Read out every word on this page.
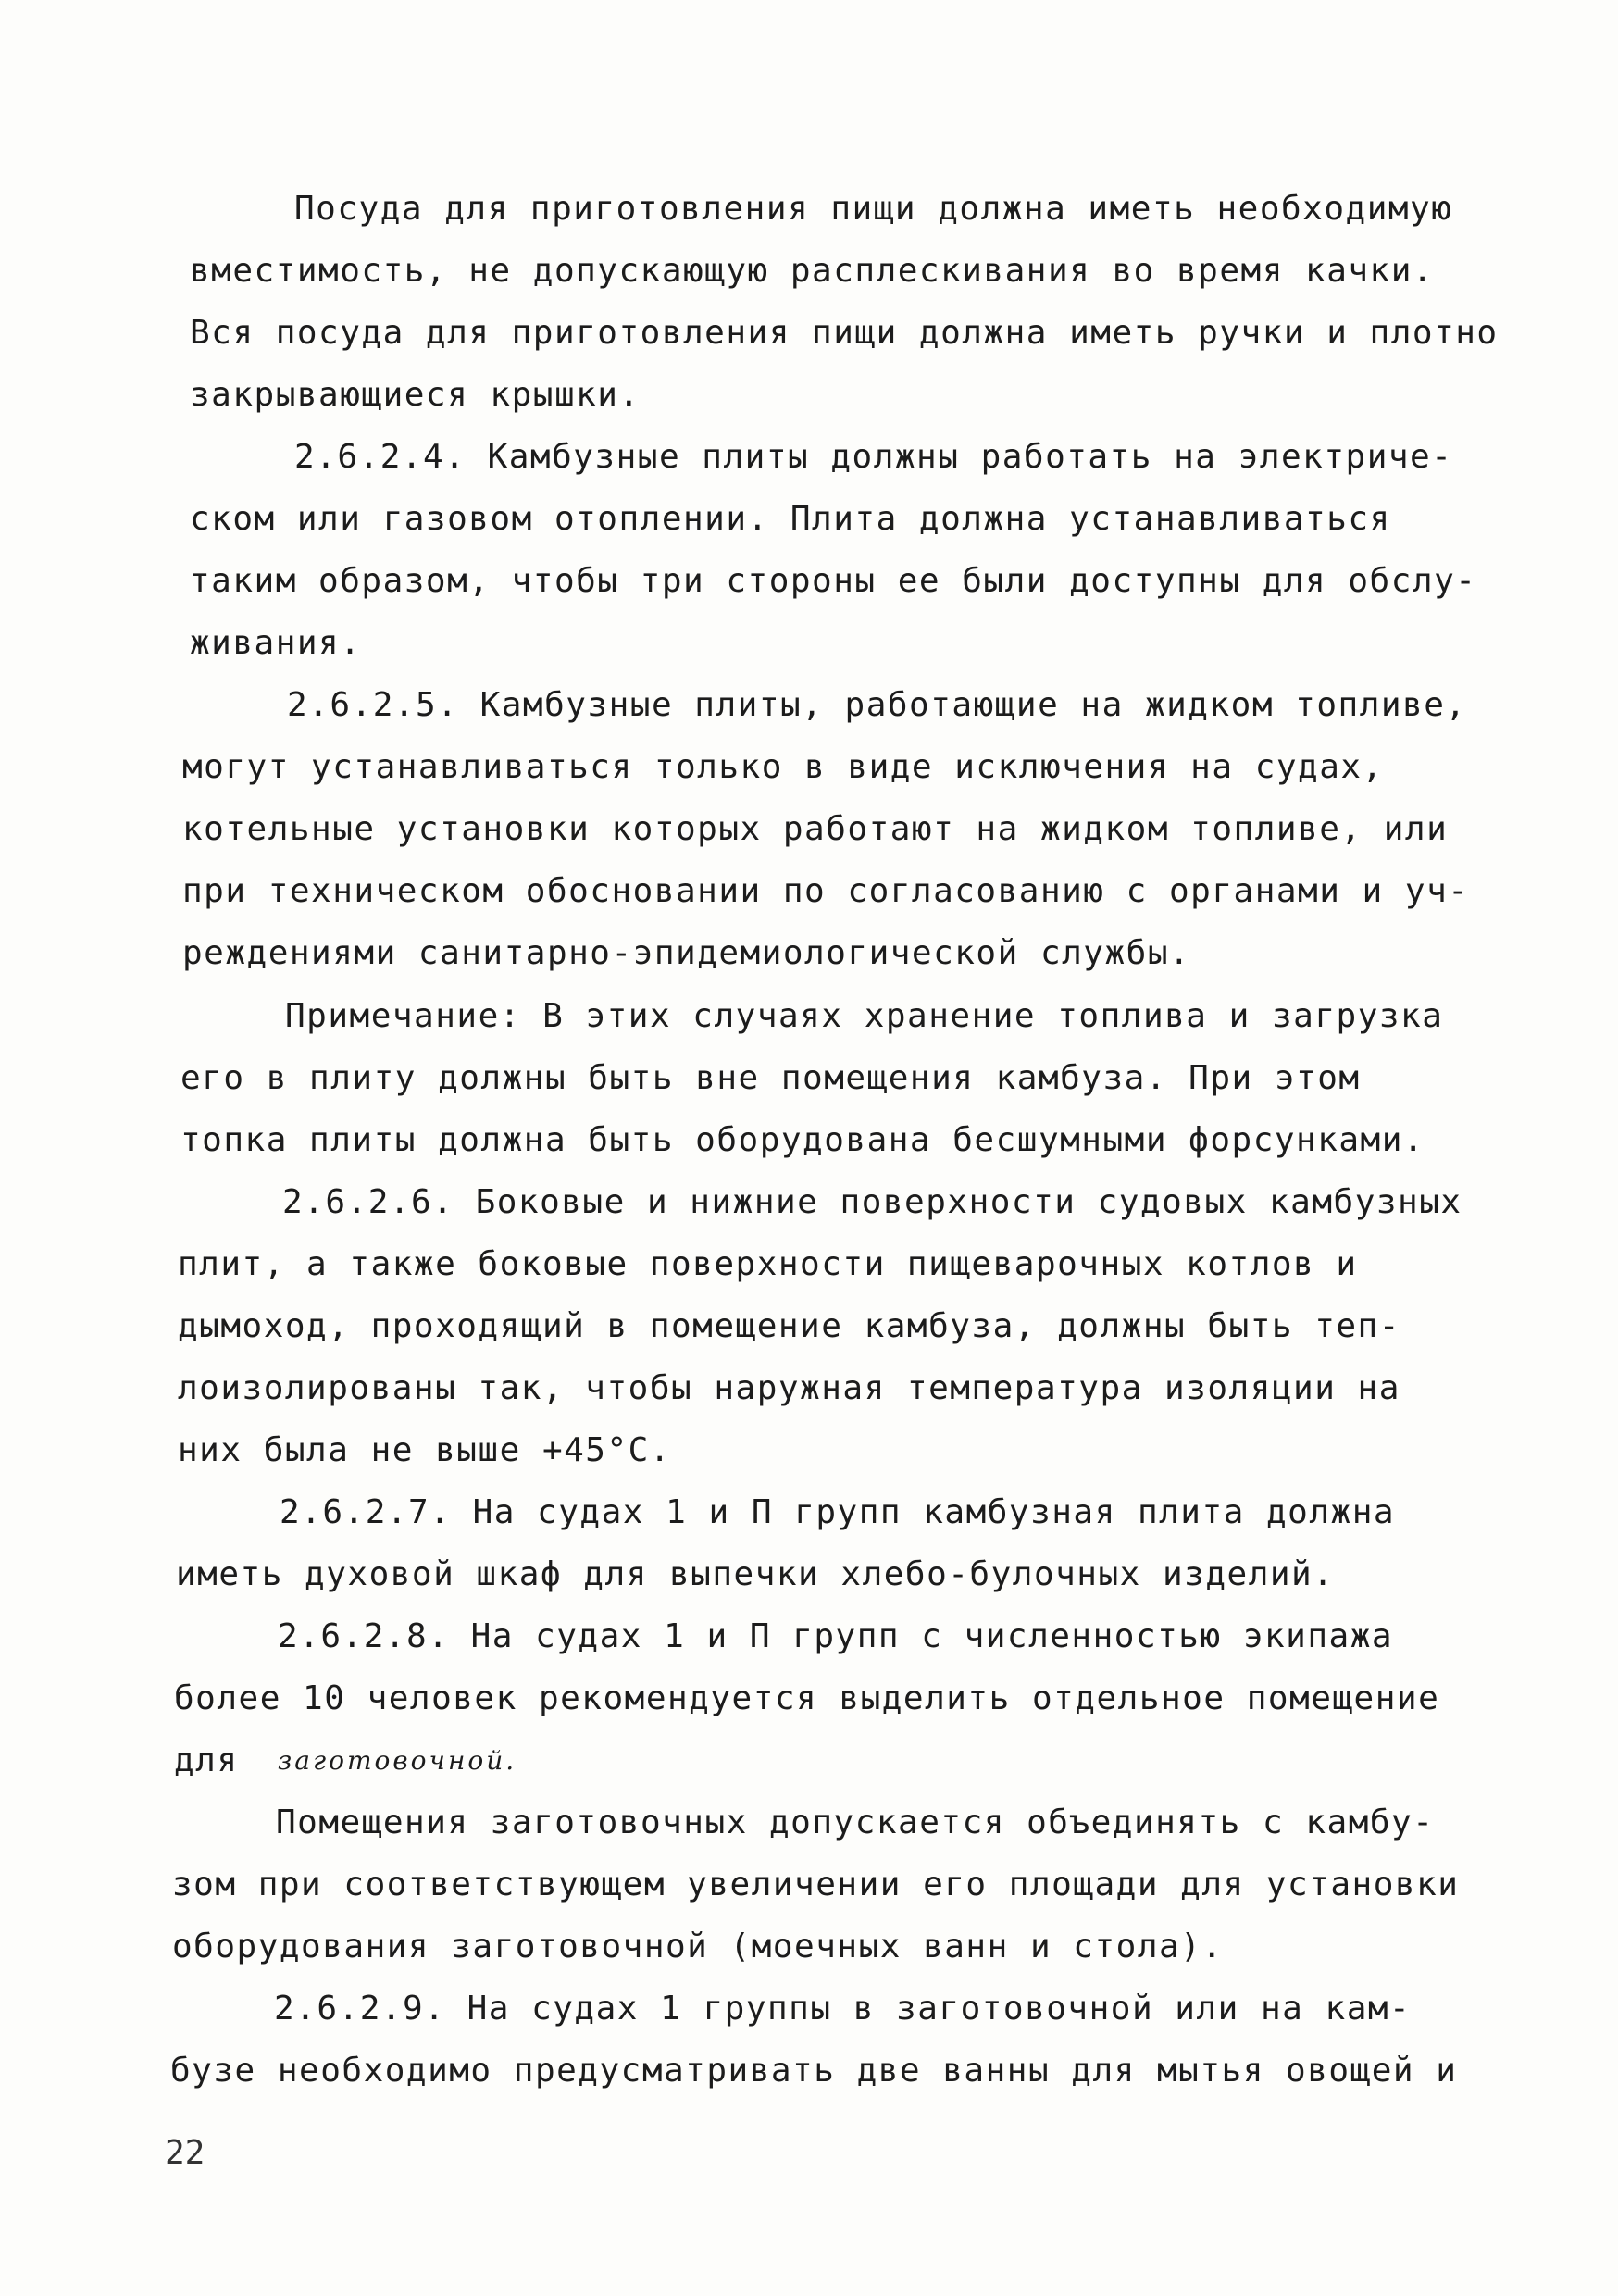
Посуда для приготовления пищи должна иметь необходимую
вместимость, не допускающую расплескивания во время качки.
Вся посуда для приготовления пищи должна иметь ручки и плотно
закрывающиеся крышки.
2.6.2.4. Камбузные плиты должны работать на электриче-
ском или газовом отоплении. Плита должна устанавливаться
таким образом, чтобы три стороны ее были доступны для обслу-
живания.
2.6.2.5. Камбузные плиты, работающие на жидком топливе,
могут устанавливаться только в виде исключения на судах,
котельные установки которых работают на жидком топливе, или
при техническом обосновании по согласованию с органами и уч-
реждениями санитарно-эпидемиологической службы.
Примечание: В этих случаях хранение топлива и загрузка
его в плиту должны быть вне помещения камбуза. При этом
топка плиты должна быть оборудована бесшумными форсунками.
2.6.2.6. Боковые и нижние поверхности судовых камбузных
плит, а также боковые поверхности пищеварочных котлов и
дымоход, проходящий в помещение камбуза, должны быть теп-
лоизолированы так, чтобы наружная температура изоляции на
них была не выше +45°С.
2.6.2.7. На судах 1 и П групп камбузная плита должна
иметь духовой шкаф для выпечки хлебо-булочных изделий.
2.6.2.8. На судах 1 и П групп с численностью экипажа
более 10 человек рекомендуется выделить отдельное помещение
для заготовочной.
Помещения заготовочных допускается объединять с камбу-
зом при соответствующем увеличении его площади для установки
оборудования заготовочной (моечных ванн и стола).
2.6.2.9. На судах 1 группы в заготовочной или на кам-
бузе необходимо предусматривать две ванны для мытья овощей и
22
